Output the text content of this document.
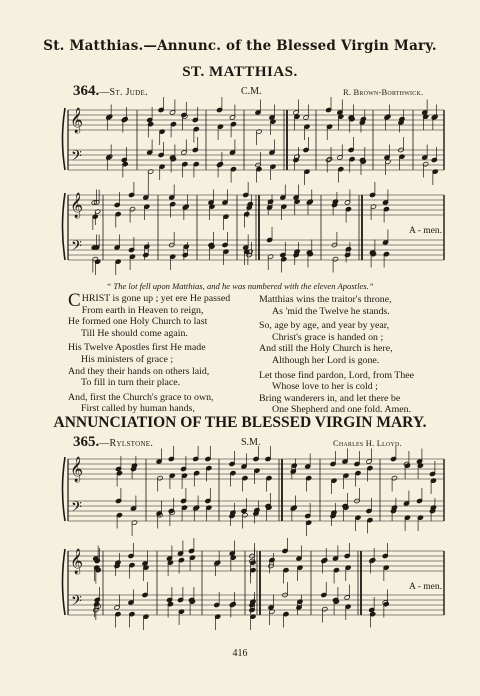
St. Matthias.—Annunc. of the Blessed Virgin Mary.
ST. MATTHIAS.
364.—St. Jude.	C.M.	R. Brown-Borthwick.
𝄞
𝄢
𝄞
𝄢
𝄞
𝄢
𝄞
𝄢
A - men.
“ The lot fell upon Matthias, and he was numbered with the eleven Apostles.”
CHRIST is gone up ; yet ere He passed
From earth in Heaven to reign,
He formed one Holy Church to last
Till He should come again.
His Twelve Apostles first He made
His ministers of grace ;
And they their hands on others laid,
To fill in turn their place.
And, first the Church's grace to own,
First called by human hands,
Matthias wins the traitor's throne,
As 'mid the Twelve he stands.
So, age by age, and year by year,
Christ's grace is handed on ;
And still the Holy Church is here,
Although her Lord is gone.
Let those find pardon, Lord, from Thee
Whose love to her is cold ;
Bring wanderers in, and let there be
One Shepherd and one fold. Amen.
ANNUNCIATION OF THE BLESSED VIRGIN MARY.
365.—Rylstone.	S.M.	Charles H. Lloyd.
A - men.
416
